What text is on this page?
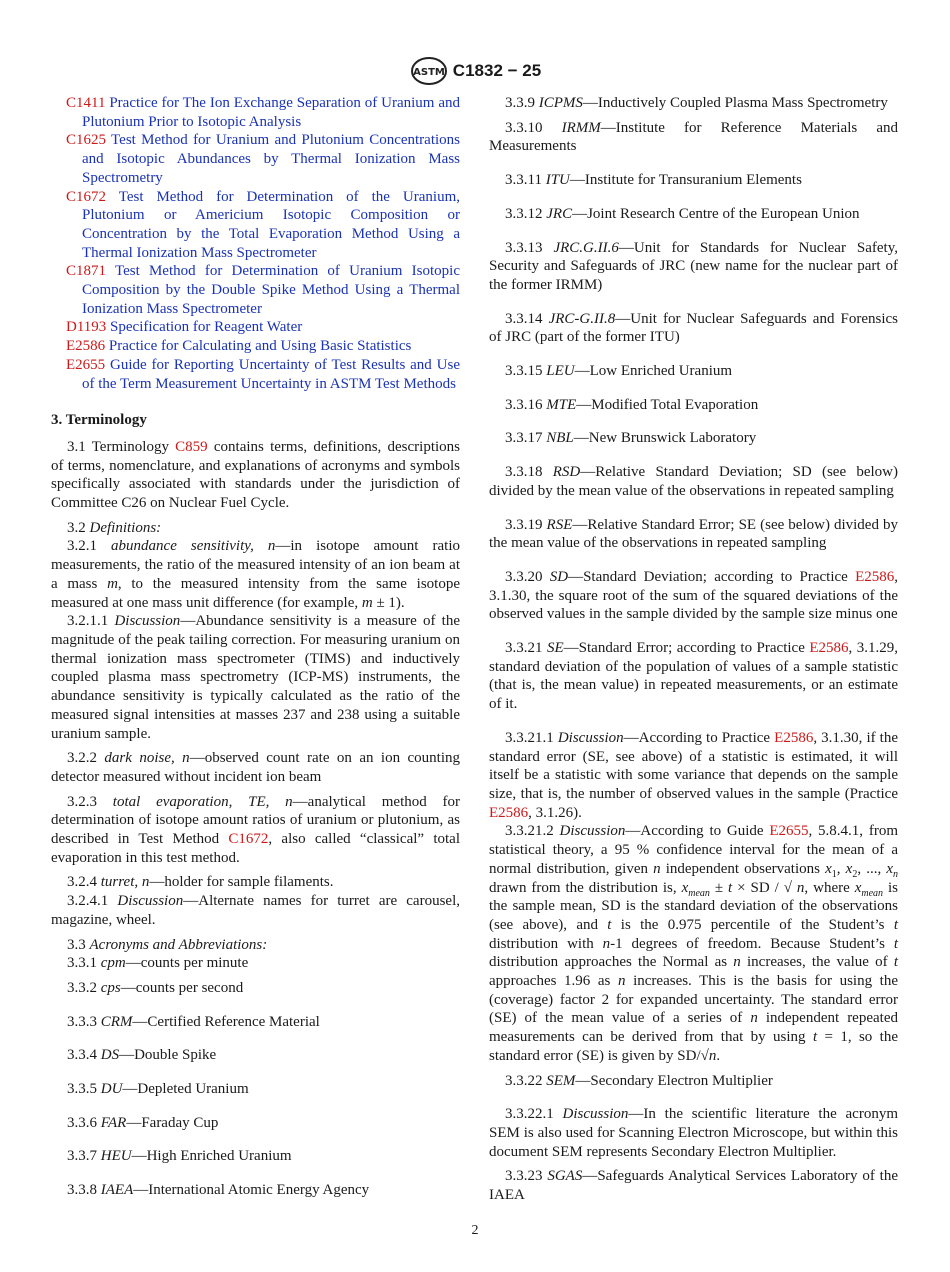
ASTM C1832 − 25
C1411 Practice for The Ion Exchange Separation of Uranium and Plutonium Prior to Isotopic Analysis
C1625 Test Method for Uranium and Plutonium Concentrations and Isotopic Abundances by Thermal Ionization Mass Spectrometry
C1672 Test Method for Determination of the Uranium, Plutonium or Americium Isotopic Composition or Concentration by the Total Evaporation Method Using a Thermal Ionization Mass Spectrometer
C1871 Test Method for Determination of Uranium Isotopic Composition by the Double Spike Method Using a Thermal Ionization Mass Spectrometer
D1193 Specification for Reagent Water
E2586 Practice for Calculating and Using Basic Statistics
E2655 Guide for Reporting Uncertainty of Test Results and Use of the Term Measurement Uncertainty in ASTM Test Methods
3. Terminology

3.1 Terminology C859 contains terms, definitions, descriptions of terms, nomenclature, and explanations of acronyms and symbols specifically associated with standards under the jurisdiction of Committee C26 on Nuclear Fuel Cycle.

3.2 Definitions:

3.2.1 abundance sensitivity, n—in isotope amount ratio measurements, the ratio of the measured intensity of an ion beam at a mass m, to the measured intensity from the same isotope measured at one mass unit difference (for example, m ± 1).

3.2.1.1 Discussion—Abundance sensitivity is a measure of the magnitude of the peak tailing correction. For measuring uranium on thermal ionization mass spectrometer (TIMS) and inductively coupled plasma mass spectrometry (ICP-MS) instruments, the abundance sensitivity is typically calculated as the ratio of the measured signal intensities at masses 237 and 238 using a suitable uranium sample.

3.2.2 dark noise, n—observed count rate on an ion counting detector measured without incident ion beam

3.2.3 total evaporation, TE, n—analytical method for determination of isotope amount ratios of uranium or plutonium, as described in Test Method C1672, also called “classical” total evaporation in this test method.

3.2.4 turret, n—holder for sample filaments.

3.2.4.1 Discussion—Alternate names for turret are carousel, magazine, wheel.

3.3 Acronyms and Abbreviations:

3.3.1 cpm—counts per minute

3.3.2 cps—counts per second

3.3.3 CRM—Certified Reference Material

3.3.4 DS—Double Spike

3.3.5 DU—Depleted Uranium

3.3.6 FAR—Faraday Cup

3.3.7 HEU—High Enriched Uranium

3.3.8 IAEA—International Atomic Energy Agency

3.3.9 ICPMS—Inductively Coupled Plasma Mass Spectrometry

3.3.10 IRMM—Institute for Reference Materials and Measurements

3.3.11 ITU—Institute for Transuranium Elements

3.3.12 JRC—Joint Research Centre of the European Union

3.3.13 JRC.G.II.6—Unit for Standards for Nuclear Safety, Security and Safeguards of JRC (new name for the nuclear part of the former IRMM)

3.3.14 JRC-G.II.8—Unit for Nuclear Safeguards and Forensics of JRC (part of the former ITU)

3.3.15 LEU—Low Enriched Uranium

3.3.16 MTE—Modified Total Evaporation

3.3.17 NBL—New Brunswick Laboratory

3.3.18 RSD—Relative Standard Deviation; SD (see below) divided by the mean value of the observations in repeated sampling

3.3.19 RSE—Relative Standard Error; SE (see below) divided by the mean value of the observations in repeated sampling

3.3.20 SD—Standard Deviation; according to Practice E2586, 3.1.30, the square root of the sum of the squared deviations of the observed values in the sample divided by the sample size minus one

3.3.21 SE—Standard Error; according to Practice E2586, 3.1.29, standard deviation of the population of values of a sample statistic (that is, the mean value) in repeated measurements, or an estimate of it.

3.3.21.1 Discussion—According to Practice E2586, 3.1.30, if the standard error (SE, see above) of a statistic is estimated, it will itself be a statistic with some variance that depends on the sample size, that is, the number of observed values in the sample (Practice E2586, 3.1.26).

3.3.21.2 Discussion—According to Guide E2655, 5.8.4.1, from statistical theory, a 95 % confidence interval for the mean of a normal distribution, given n independent observations $x_1$, $x_2$, ..., $x_n$ drawn from the distribution is, $x_{mean} \pm t$ × SD / √ n, where $x_{mean}$ is the sample mean, SD is the standard deviation of the observations (see above), and t is the 0.975 percentile of the Student’s t distribution with n-1 degrees of freedom. Because Student’s t distribution approaches the Normal as n increases, the value of t approaches 1.96 as n increases. This is the basis for using the (coverage) factor 2 for expanded uncertainty. The standard error (SE) of the mean value of a series of n independent repeated measurements can be derived from that by using t = 1, so the standard error (SE) is given by SD/√n.

3.3.22 SEM—Secondary Electron Multiplier

3.3.22.1 Discussion—In the scientific literature the acronym SEM is also used for Scanning Electron Microscope, but within this document SEM represents Secondary Electron Multiplier.

3.3.23 SGAS—Safeguards Analytical Services Laboratory of the IAEA

2
